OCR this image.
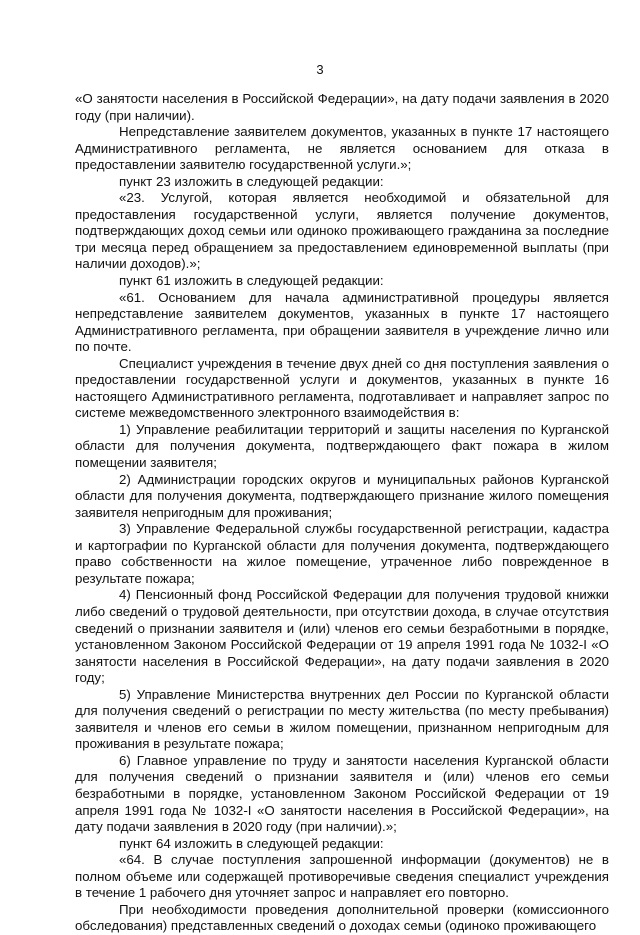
3

«О занятости населения в Российской Федерации», на дату подачи заявления в 2020 году (при наличии).

Непредставление заявителем документов, указанных в пункте 17 настоящего Административного регламента, не является основанием для отказа в предоставлении заявителю государственной услуги.»;

пункт 23 изложить в следующей редакции:

«23. Услугой, которая является необходимой и обязательной для предоставления государственной услуги, является получение документов, подтверждающих доход семьи или одиноко проживающего гражданина за последние три месяца перед обращением за предоставлением единовременной выплаты (при наличии доходов).»;

пункт 61 изложить в следующей редакции:

«61. Основанием для начала административной процедуры является непредставление заявителем документов, указанных в пункте 17 настоящего Административного регламента, при обращении заявителя в учреждение лично или по почте.

Специалист учреждения в течение двух дней со дня поступления заявления о предоставлении государственной услуги и документов, указанных в пункте 16 настоящего Административного регламента, подготавливает и направляет запрос по системе межведомственного электронного взаимодействия в:

1) Управление реабилитации территорий и защиты населения по Курганской области для получения документа, подтверждающего факт пожара в жилом помещении заявителя;

2) Администрации городских округов и муниципальных районов Курганской области для получения документа, подтверждающего признание жилого помещения заявителя непригодным для проживания;

3) Управление Федеральной службы государственной регистрации, кадастра и картографии по Курганской области для получения документа, подтверждающего право собственности на жилое помещение, утраченное либо поврежденное в результате пожара;

4) Пенсионный фонд Российской Федерации для получения трудовой книжки либо сведений о трудовой деятельности, при отсутствии дохода, в случае отсутствия сведений о признании заявителя и (или) членов его семьи безработными в порядке, установленном Законом Российской Федерации от 19 апреля 1991 года № 1032-I «О занятости населения в Российской Федерации», на дату подачи заявления в 2020 году;

5) Управление Министерства внутренних дел России по Курганской области для получения сведений о регистрации по месту жительства (по месту пребывания) заявителя и членов его семьи в жилом помещении, признанном непригодным для проживания в результате пожара;

6) Главное управление по труду и занятости населения Курганской области для получения сведений о признании заявителя и (или) членов его семьи безработными в порядке, установленном Законом Российской Федерации от 19 апреля 1991 года № 1032-I «О занятости населения в Российской Федерации», на дату подачи заявления в 2020 году (при наличии).»;

пункт 64 изложить в следующей редакции:

«64. В случае поступления запрошенной информации (документов) не в полном объеме или содержащей противоречивые сведения специалист учреждения в течение 1 рабочего дня уточняет запрос и направляет его повторно.

При необходимости проведения дополнительной проверки (комиссионного обследования) представленных сведений о доходах семьи (одиноко проживающего
